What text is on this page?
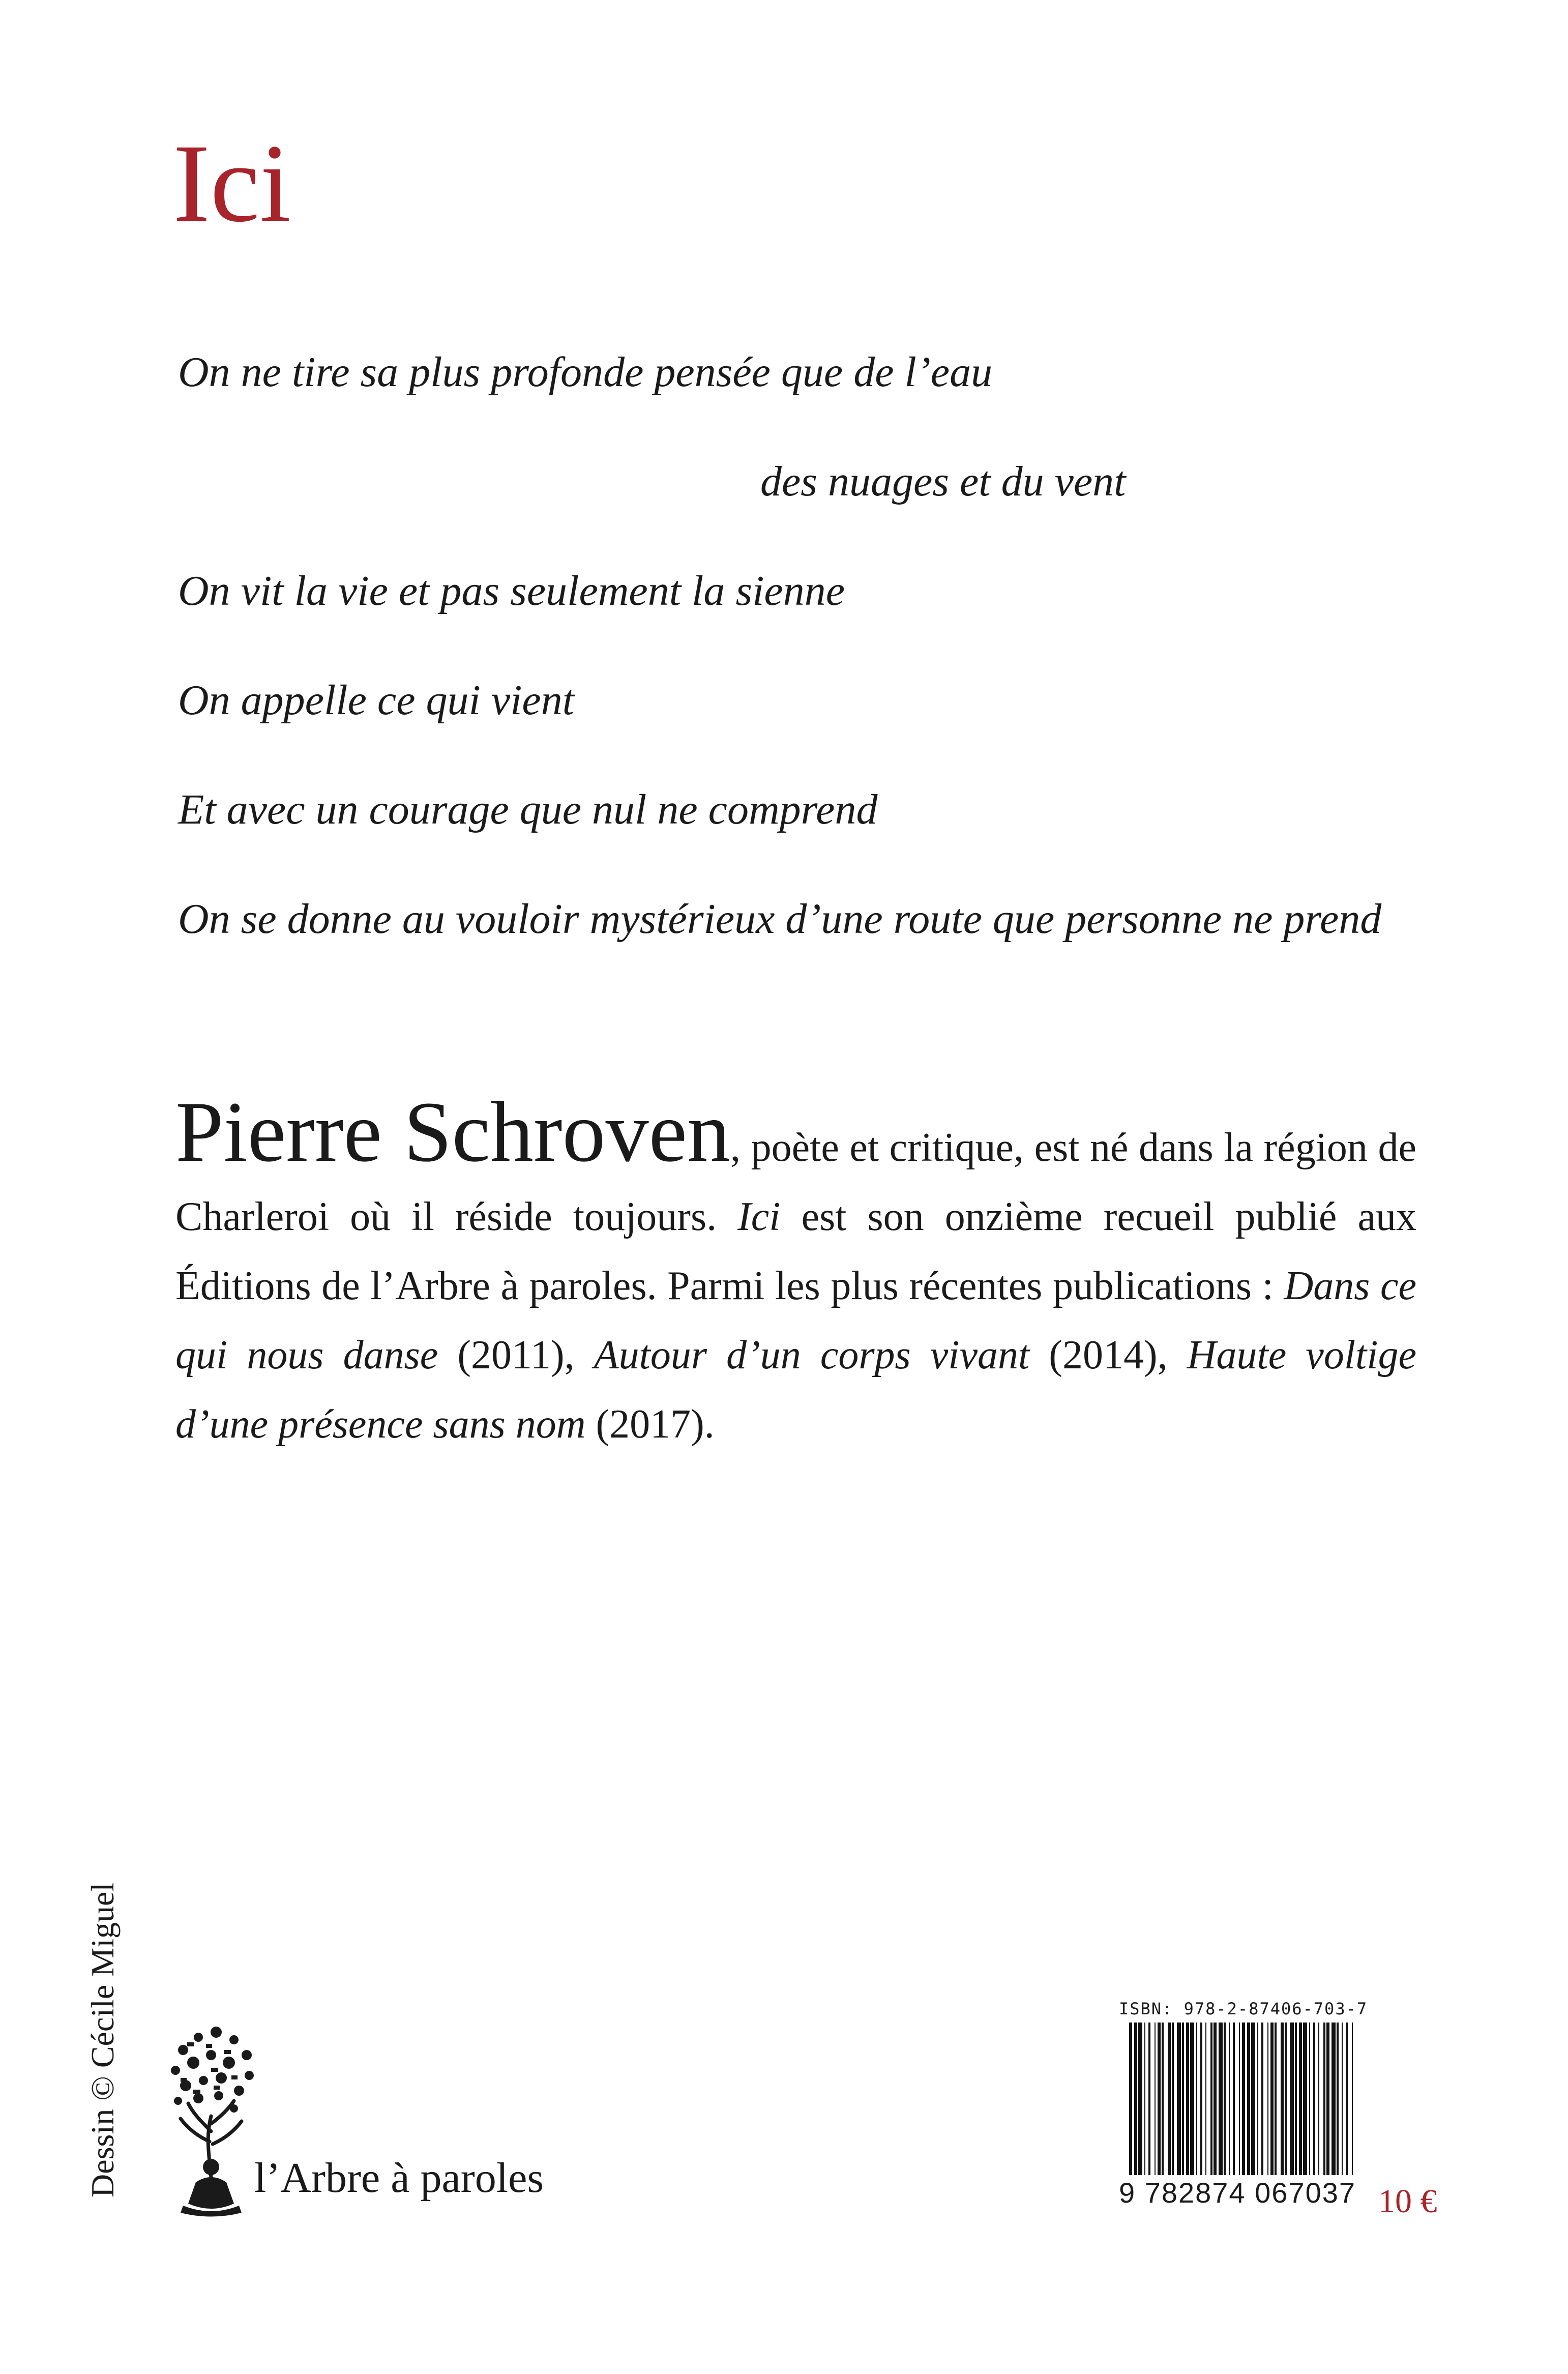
Ici
On ne tire sa plus profonde pensée que de l’eau
des nuages et du vent
On vit la vie et pas seulement la sienne
On appelle ce qui vient
Et avec un courage que nul ne comprend
On se donne au vouloir mystérieux d’une route que personne ne prend

Pierre Schroven, poète et critique, est né dans la région de Charleroi où il réside toujours. Ici est son onzième recueil publié aux Éditions de l’Arbre à paroles. Parmi les plus récentes publications : Dans ce qui nous danse (2011), Autour d’un corps vivant (2014), Haute voltige d’une présence sans nom (2017).

Dessin © Cécile Miguel	l’Arbre à paroles
ISBN: 978-2-87406-703-7
9 782874 067037 10 €
